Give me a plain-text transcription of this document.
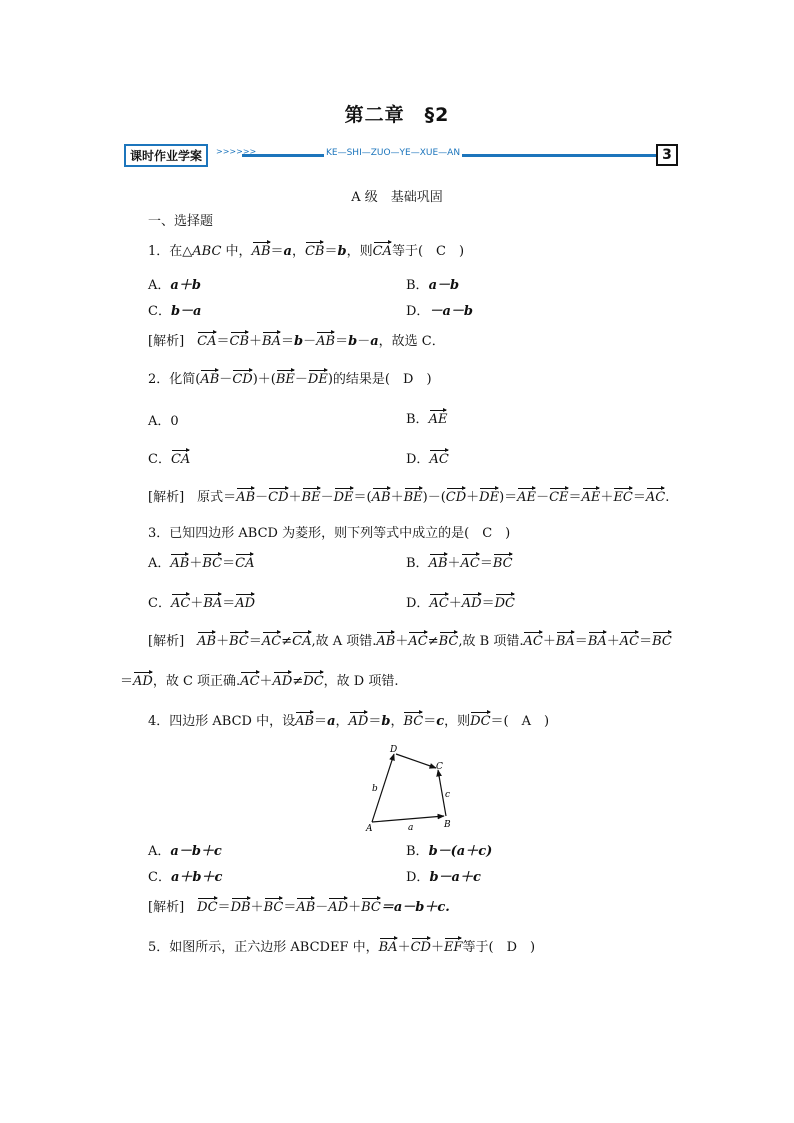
第二章　§2
课时作业学案	>>>>>>	KE—SHI—ZUO—YE—XUE—AN	3
A 级　基础巩固
一、选择题
1．在△ABC 中，AB＝a，CB＝b，则CA等于(　C　)
A．a＋b	B．a－b
C．b－a	D．－a－b
[解析]　 CA＝CB＋BA＝b－AB＝b－a，故选 C．
2．化简(AB－CD)＋(BE－DE)的结果是(　 D　)
A．0	B．AE
C．CA	D．AC
[解析]　 原式＝AB－CD＋BE－DE＝(AB＋BE)－(CD＋DE)＝AE－CE＝AE＋EC＝AC.
3．已知四边形 ABCD 为菱形，则下列等式中成立的是(　 C　)
A．AB＋BC＝CA	B．AB＋AC＝BC
C．AC＋BA＝AD	D．AC＋AD＝DC
[解析]　 AB＋BC＝AC≠CA,故 A 项错.AB＋AC≠BC,故 B 项错.AC＋BA＝BA＋AC＝BC
＝AD，故 C 项正确.AC＋AD≠DC，故 D 项错.
4．四边形 ABCD 中，设AB＝a，AD＝b，BC＝c，则DC＝(　A　)
D
C
A	B
a
b
c
A．a－b＋c	B．b－(a＋c)
C．a＋b＋c	D．b－a＋c
[解析]　 DC＝DB＋BC＝AB－AD＋BC＝a－b＋c.
5．如图所示，正六边形 ABCDEF 中，BA＋CD＋EF等于(　 D　)
